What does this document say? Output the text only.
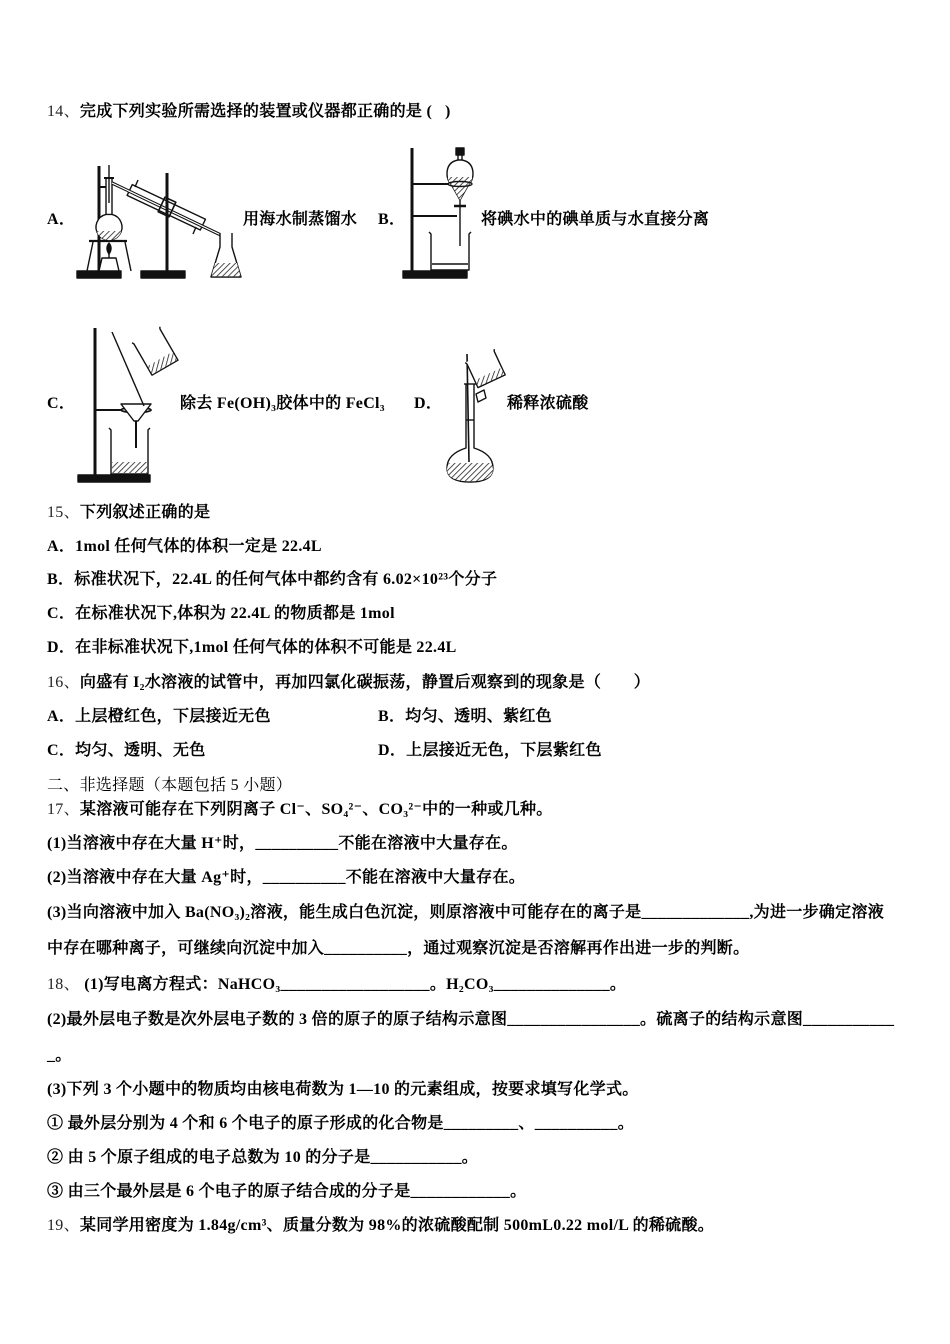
14、完成下列实验所需选择的装置或仪器都正确的是 (   )
A．	用海水制蒸馏水 B．	将碘水中的碘单质与水直接分离
C．	除去 Fe(OH)₃胶体中的 FeCl₃ D．	稀释浓硫酸
15、下列叙述正确的是
A．1mol 任何气体的体积一定是 22.4L
B．标准状况下，22.4L 的任何气体中都约含有 6.02×10²³个分子
C．在标准状况下,体积为 22.4L 的物质都是 1mol
D．在非标准状况下,1mol 任何气体的体积不可能是 22.4L
16、向盛有 I₂水溶液的试管中，再加四氯化碳振荡，静置后观察到的现象是（　　）
A．上层橙红色，下层接近无色	B．均匀、透明、紫红色
C．均匀、透明、无色	D．上层接近无色，下层紫红色
二、非选择题（本题包括 5 小题）
17、某溶液可能存在下列阴离子 Cl⁻、SO₄²⁻、CO₃²⁻中的一种或几种。
(1)当溶液中存在大量 H⁺时，__________不能在溶液中大量存在。
(2)当溶液中存在大量 Ag⁺时，__________不能在溶液中大量存在。
(3)当向溶液中加入 Ba(NO₃)₂溶液，能生成白色沉淀，则原溶液中可能存在的离子是_____________,为进一步确定溶液
中存在哪种离子，可继续向沉淀中加入__________，通过观察沉淀是否溶解再作出进一步的判断。
18、 (1)写电离方程式：NaHCO₃__________________。H₂CO₃______________。
(2)最外层电子数是次外层电子数的 3 倍的原子的原子结构示意图________________。硫离子的结构示意图___________
_。
(3)下列 3 个小题中的物质均由核电荷数为 1—10 的元素组成，按要求填写化学式。
① 最外层分别为 4 个和 6 个电子的原子形成的化合物是_________、__________。
② 由 5 个原子组成的电子总数为 10 的分子是___________。
③ 由三个最外层是 6 个电子的原子结合成的分子是____________。
19、某同学用密度为 1.84g/cm³、质量分数为 98%的浓硫酸配制 500mL0.22 mol/L 的稀硫酸。
